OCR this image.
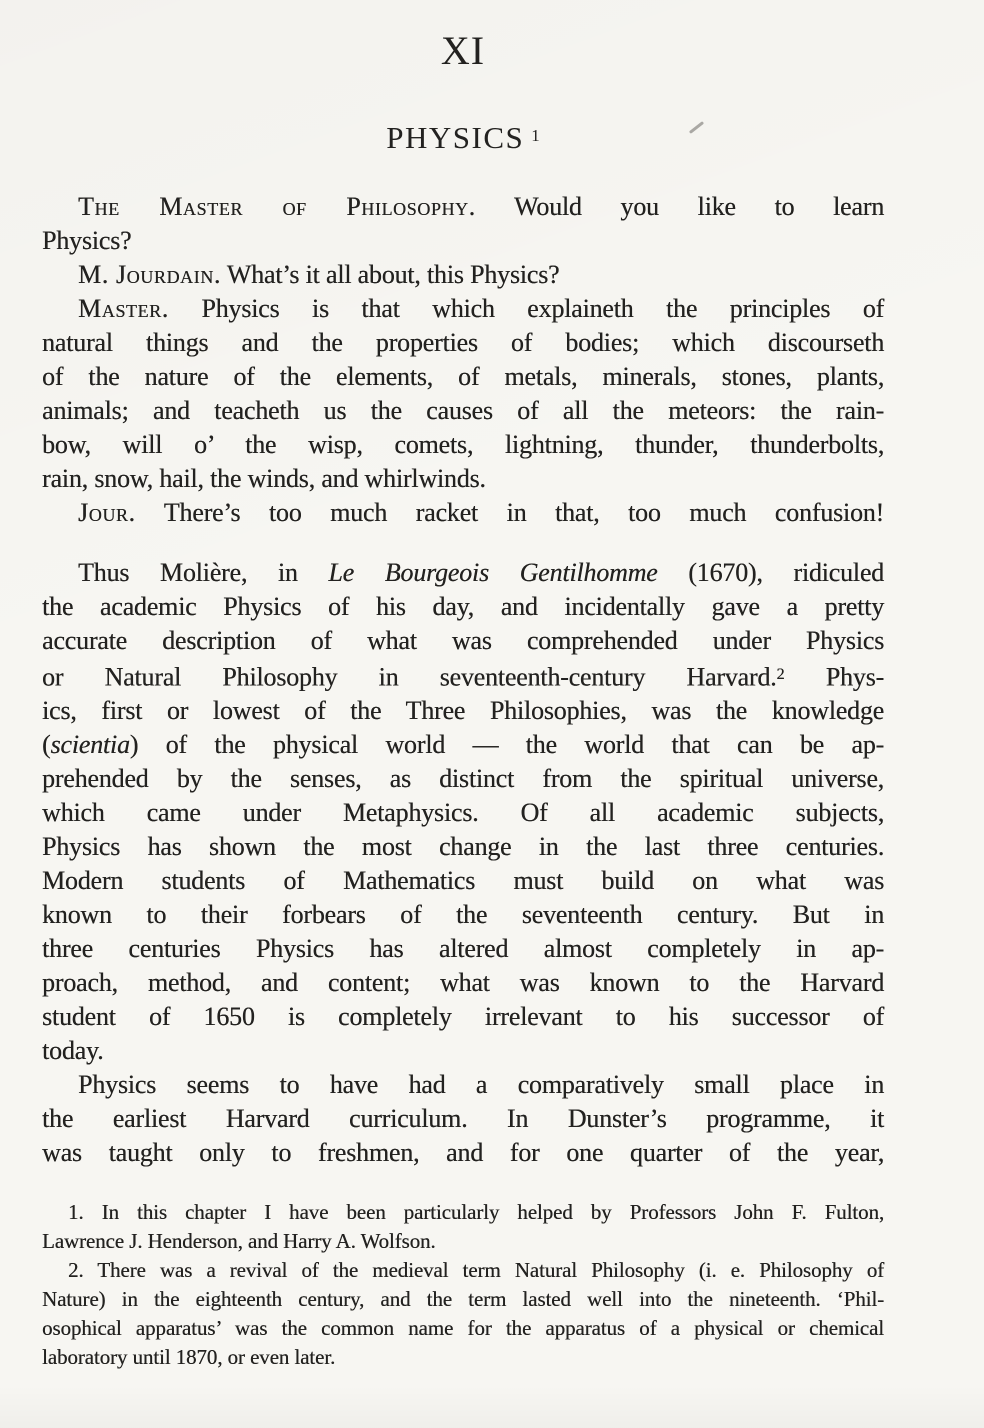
XI
PHYSICS $^1$
The Master of Philosophy. Would you like to learn
Physics?
M. Jourdain. What’s it all about, this Physics?
Master. Physics is that which explaineth the principles of
natural things and the properties of bodies; which discourseth
of the nature of the elements, of metals, minerals, stones, plants,
animals; and teacheth us the causes of all the meteors: the rain-
bow, will o’ the wisp, comets, lightning, thunder, thunderbolts,
rain, snow, hail, the winds, and whirlwinds.
Jour. There’s too much racket in that, too much confusion!
Thus Molière, in Le Bourgeois Gentilhomme (1670), ridiculed
the academic Physics of his day, and incidentally gave a pretty
accurate description of what was comprehended under Physics
or Natural Philosophy in seventeenth-century Harvard.$^2$ Phys-
ics, first or lowest of the Three Philosophies, was the knowledge
(scientia) of the physical world — the world that can be ap-
prehended by the senses, as distinct from the spiritual universe,
which came under Metaphysics. Of all academic subjects,
Physics has shown the most change in the last three centuries.
Modern students of Mathematics must build on what was
known to their forbears of the seventeenth century. But in
three centuries Physics has altered almost completely in ap-
proach, method, and content; what was known to the Harvard
student of 1650 is completely irrelevant to his successor of
today.
Physics seems to have had a comparatively small place in
the earliest Harvard curriculum. In Dunster’s programme, it
was taught only to freshmen, and for one quarter of the year,
1. In this chapter I have been particularly helped by Professors John F. Fulton,
Lawrence J. Henderson, and Harry A. Wolfson.
2. There was a revival of the medieval term Natural Philosophy (i. e. Philosophy of
Nature) in the eighteenth century, and the term lasted well into the nineteenth. ‘Phil-
osophical apparatus’ was the common name for the apparatus of a physical or chemical
laboratory until 1870, or even later.
